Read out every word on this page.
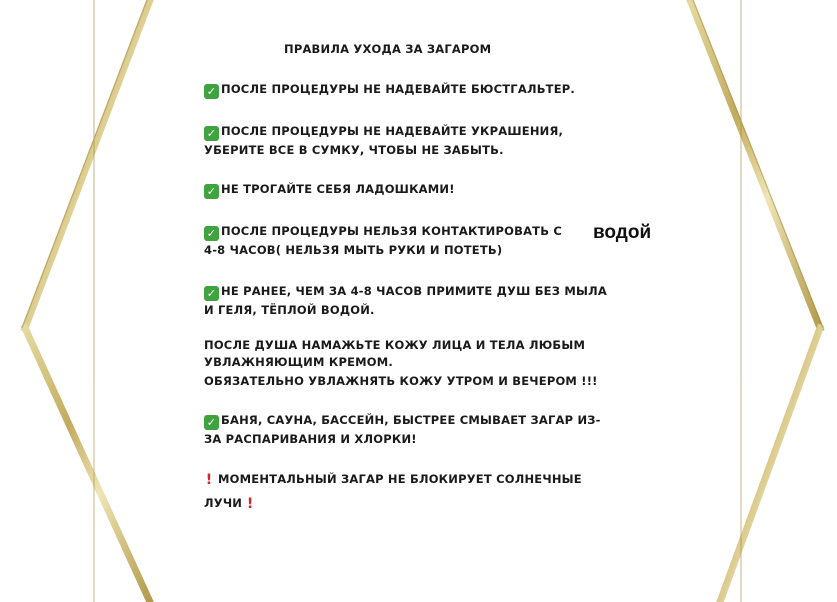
ПРАВИЛА УХОДА ЗА ЗАГАРОМ
✓ ПОСЛЕ ПРОЦЕДУРЫ НЕ НАДЕВАЙТЕ БЮСТГАЛЬТЕР.
✓ ПОСЛЕ ПРОЦЕДУРЫ НЕ НАДЕВАЙТЕ УКРАШЕНИЯ,
УБЕРИТЕ ВСЕ В СУМКУ, ЧТОБЫ НЕ ЗАБЫТЬ.
✓ НЕ ТРОГАЙТЕ СЕБЯ ЛАДОШКАМИ!
✓ ПОСЛЕ ПРОЦЕДУРЫ НЕЛЬЗЯ КОНТАКТИРОВАТЬ С
4-8 ЧАСОВ( НЕЛЬЗЯ МЫТЬ РУКИ И ПОТЕТЬ)
водой
✓ НЕ РАНЕЕ, ЧЕМ ЗА 4-8 ЧАСОВ ПРИМИТЕ ДУШ БЕЗ МЫЛА
И ГЕЛЯ, ТЁПЛОЙ ВОДОЙ.
ПОСЛЕ ДУША НАМАЖЬТЕ КОЖУ ЛИЦА И ТЕЛА ЛЮБЫМ
УВЛАЖНЯЮЩИМ КРЕМОМ.
ОБЯЗАТЕЛЬНО УВЛАЖНЯТЬ КОЖУ УТРОМ И ВЕЧЕРОМ !!!
✓ БАНЯ, САУНА, БАССЕЙН, БЫСТРЕЕ СМЫВАЕТ ЗАГАР ИЗ-
ЗА РАСПАРИВАНИЯ И ХЛОРКИ!
! МОМЕНТАЛЬНЫЙ ЗАГАР НЕ БЛОКИРУЕТ СОЛНЕЧНЫЕ
ЛУЧИ !
